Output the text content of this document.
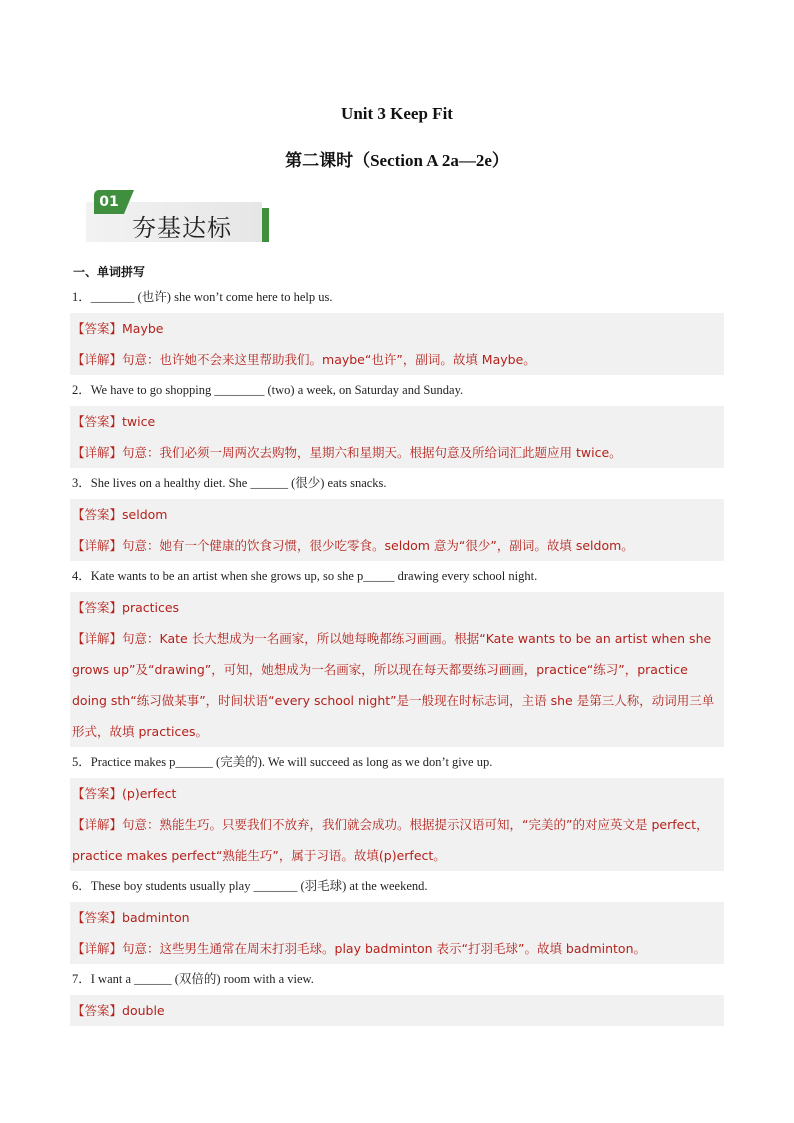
Unit 3 Keep Fit
第二课时（Section A 2a—2e）
01
夯基达标
一、单词拼写
1．_______ (也许) she won’t come here to help us.
【答案】Maybe
【详解】句意：也许她不会来这里帮助我们。maybe“也许”，副词。故填 Maybe。
2．We have to go shopping ________ (two) a week, on Saturday and Sunday.
【答案】twice
【详解】句意：我们必须一周两次去购物，星期六和星期天。根据句意及所给词汇此题应用 twice。
3．She lives on a healthy diet. She ______ (很少) eats snacks.
【答案】seldom
【详解】句意：她有一个健康的饮食习惯，很少吃零食。seldom 意为“很少”，副词。故填 seldom。
4．Kate wants to be an artist when she grows up, so she p_____ drawing every school night.
【答案】practices
【详解】句意：Kate 长大想成为一名画家，所以她每晚都练习画画。根据“Kate wants to be an artist when she grows up”及“drawing”，可知，她想成为一名画家，所以现在每天都要练习画画，practice“练习”，practice doing sth“练习做某事”，时间状语“every school night”是一般现在时标志词，主语 she 是第三人称，动词用三单形式，故填 practices。
5．Practice makes p______ (完美的). We will succeed as long as we don’t give up.
【答案】(p)erfect
【详解】句意：熟能生巧。只要我们不放弃，我们就会成功。根据提示汉语可知，“完美的”的对应英文是 perfect，practice makes perfect“熟能生巧”，属于习语。故填(p)erfect。
6．These boy students usually play _______ (羽毛球) at the weekend.
【答案】badminton
【详解】句意：这些男生通常在周末打羽毛球。play badminton 表示“打羽毛球”。故填 badminton。
7．I want a ______ (双倍的) room with a view.
【答案】double
